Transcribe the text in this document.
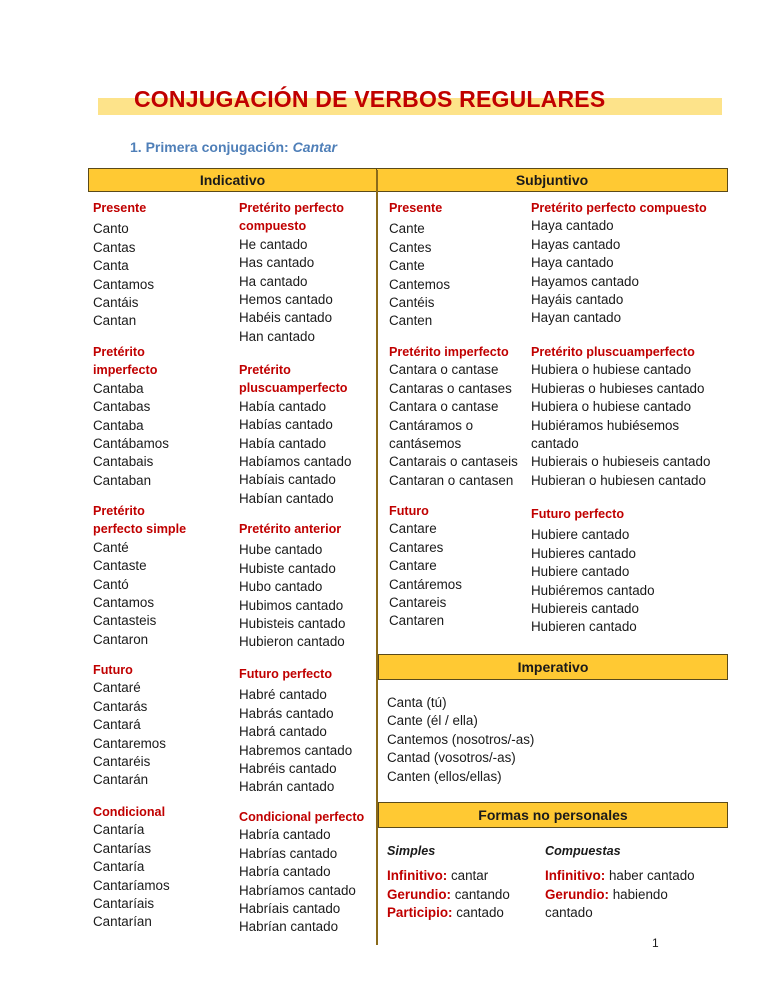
CONJUGACIÓN DE VERBOS REGULARES
1. Primera conjugación: Cantar
Indicativo	Subjuntivo
Imperativo
Formas no personales
Presente
Canto
Cantas
Canta
Cantamos
Cantáis
Cantan
Pretérito
imperfecto
Cantaba
Cantabas
Cantaba
Cantábamos
Cantabais
Cantaban
Pretérito
perfecto simple
Canté
Cantaste
Cantó
Cantamos
Cantasteis
Cantaron
Futuro
Cantaré
Cantarás
Cantará
Cantaremos
Cantaréis
Cantarán
Condicional
Cantaría
Cantarías
Cantaría
Cantaríamos
Cantaríais
Cantarían
Pretérito perfecto
compuesto
He cantado
Has cantado
Ha cantado
Hemos cantado
Habéis cantado
Han cantado
Pretérito
pluscuamperfecto
Había cantado
Habías cantado
Había cantado
Habíamos cantado
Habíais cantado
Habían cantado
Pretérito anterior
Hube cantado
Hubiste cantado
Hubo cantado
Hubimos cantado
Hubisteis cantado
Hubieron cantado
Futuro perfecto
Habré cantado
Habrás cantado
Habrá cantado
Habremos cantado
Habréis cantado
Habrán cantado
Condicional perfecto
Habría cantado
Habrías cantado
Habría cantado
Habríamos cantado
Habríais cantado
Habrían cantado
Presente
Cante
Cantes
Cante
Cantemos
Cantéis
Canten
Pretérito imperfecto
Cantara o cantase
Cantaras o cantases
Cantara o cantase
Cantáramos o
cantásemos
Cantarais o cantaseis
Cantaran o cantasen
Futuro
Cantare
Cantares
Cantare
Cantáremos
Cantareis
Cantaren
Pretérito perfecto compuesto
Haya cantado
Hayas cantado
Haya cantado
Hayamos cantado
Hayáis cantado
Hayan cantado
Pretérito pluscuamperfecto
Hubiera o hubiese cantado
Hubieras o hubieses cantado
Hubiera o hubiese cantado
Hubiéramos hubiésemos
cantado
Hubierais o hubieseis cantado
Hubieran o hubiesen cantado
Futuro perfecto
Hubiere cantado
Hubieres cantado
Hubiere cantado
Hubiéremos cantado
Hubiereis cantado
Hubieren cantado
Canta (tú)
Cante (él / ella)
Cantemos (nosotros/-as)
Cantad (vosotros/-as)
Canten (ellos/ellas)
Simples
Infinitivo: cantar
Gerundio: cantando
Participio: cantado
Compuestas
Infinitivo: haber cantado
Gerundio: habiendo
cantado
1
